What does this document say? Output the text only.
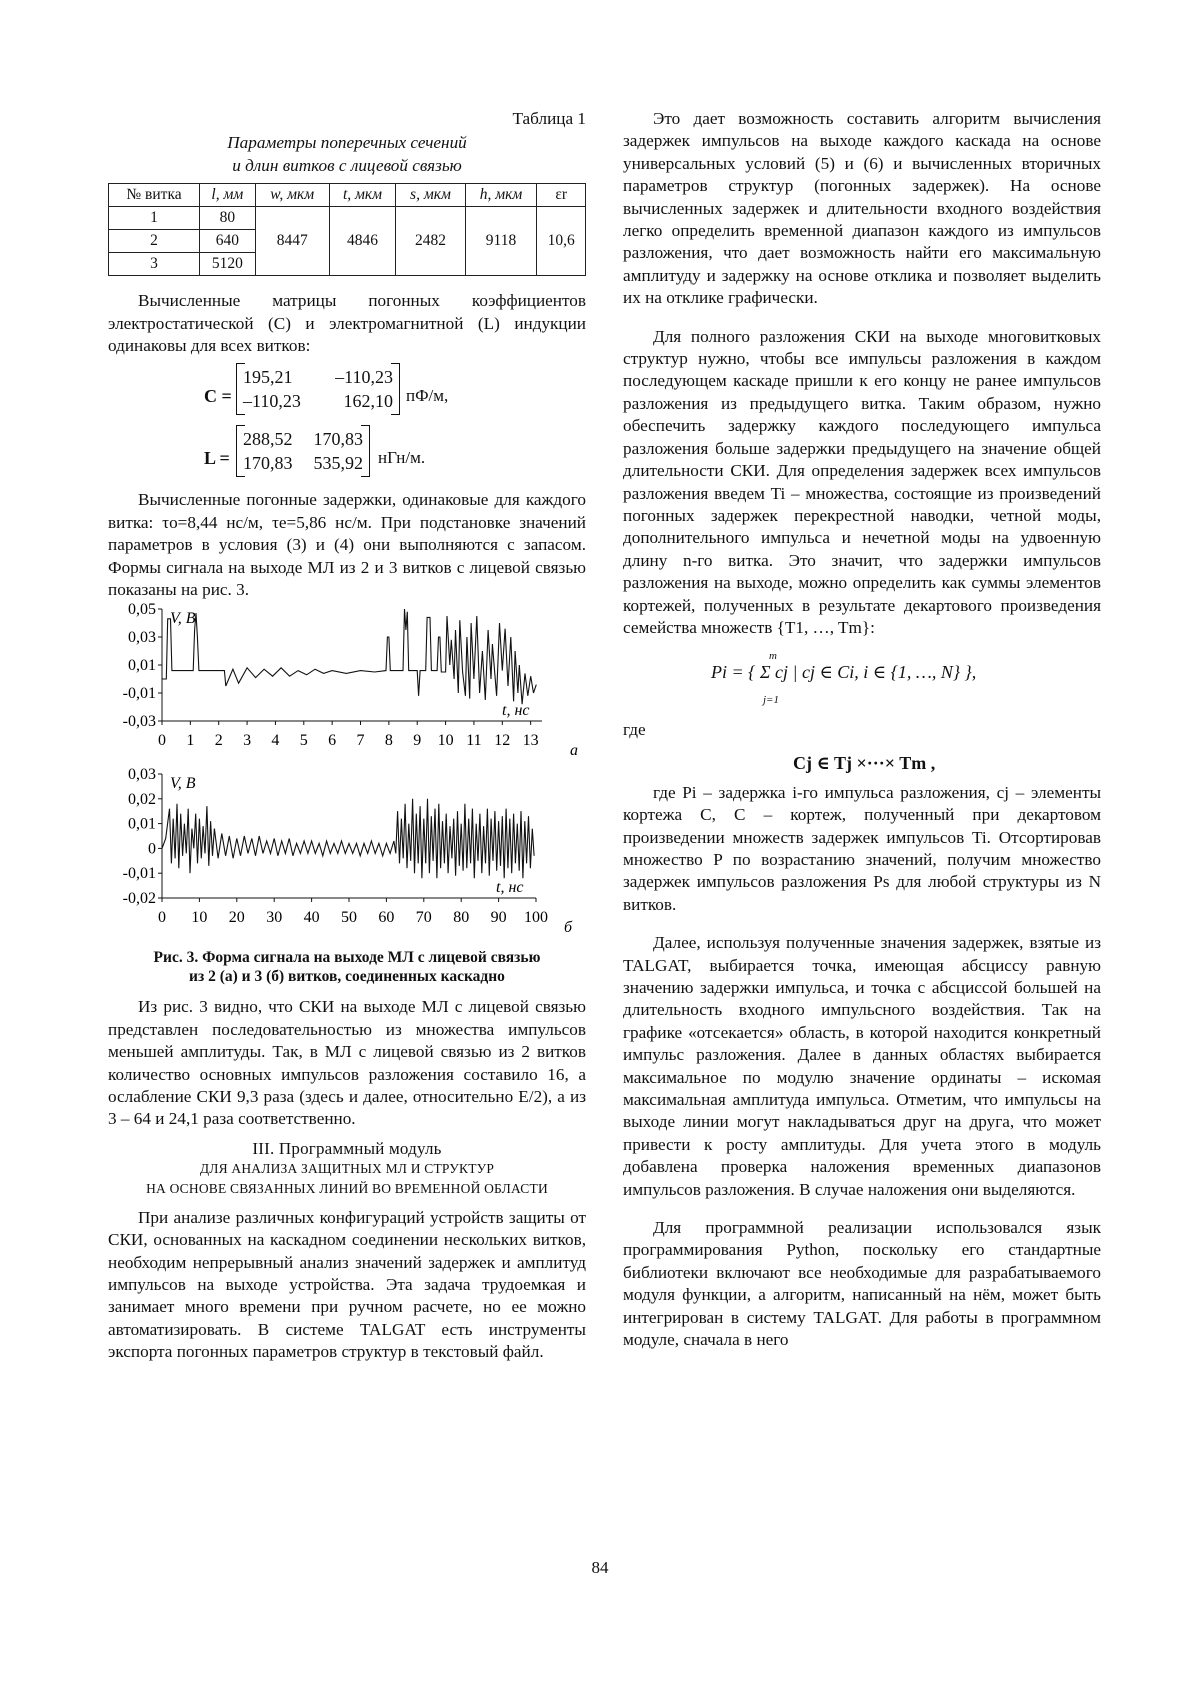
Таблица 1

Параметры поперечных сечений
и длин витков с лицевой связью
№ витка	l, мм	w, мкм	t, мкм	s, мкм	h, мкм	εr
1	80	8447	4846	2482	9118	10,6
2	640					
3	5120					

Вычисленные матрицы погонных коэффициентов электростатической (C) и электромагнитной (L) индукции одинаковы для всех витков:

C =
195,21 –110,23
–110,23 162,10 пФ/м,
L =
288,52 170,83
170,83 535,92 нГн/м.

Вычисленные погонные задержки, одинаковые для каждого витка: τо=8,44 нс/м, τе=5,86 нс/м. При подстановке значений параметров в условия (3) и (4) они выполняются с запасом. Формы сигнала на выходе МЛ из 2 и 3 витков с лицевой связью показаны на рис. 3.

0,05
0,03
0,01
-0,01
-0,03
0 1 2 3 4 5 6 7 8 9 10 11 12 13
V, В
t, нс
а

0,03
0,02
0,01
0
-0,01
-0,02
0 10 20 30 40 50 60 70 80 90 100
V, В
t, нс
б
Рис. 3. Форма сигнала на выходе МЛ с лицевой связью
из 2 (а) и 3 (б) витков, соединенных каскадно

Из рис. 3 видно, что СКИ на выходе МЛ с лицевой связью представлен последовательностью из множества импульсов меньшей амплитуды. Так, в МЛ с лицевой связью из 2 витков количество основных импульсов разложения составило 16, а ослабление СКИ 9,3 раза (здесь и далее, относительно E/2), а из 3 – 64 и 24,1 раза соответственно.

III. Программный модуль
ДЛЯ АНАЛИЗА ЗАЩИТНЫХ МЛ И СТРУКТУР
НА ОСНОВЕ СВЯЗАННЫХ ЛИНИЙ ВО ВРЕМЕННОЙ ОБЛАСТИ

При анализе различных конфигураций устройств защиты от СКИ, основанных на каскадном соединении нескольких витков, необходим непрерывный анализ значений задержек и амплитуд импульсов на выходе устройства. Эта задача трудоемкая и занимает много времени при ручном расчете, но ее можно автоматизировать. В системе TALGAT есть инструменты экспорта погонных параметров структур в текстовый файл.

Это дает возможность составить алгоритм вычисления задержек импульсов на выходе каждого каскада на основе универсальных условий (5) и (6) и вычисленных вторичных параметров структур (погонных задержек). На основе вычисленных задержек и длительности входного воздействия легко определить временной диапазон каждого из импульсов разложения, что дает возможность найти его максимальную амплитуду и задержку на основе отклика и позволяет выделить их на отклике графически.

Для полного разложения СКИ на выходе многовитковых структур нужно, чтобы все импульсы разложения в каждом последующем каскаде пришли к его концу не ранее импульсов разложения из предыдущего витка. Таким образом, нужно обеспечить задержку каждого последующего импульса разложения больше задержки предыдущего на значение общей длительности СКИ. Для определения задержек всех импульсов разложения введем Ti – множества, состоящие из произведений погонных задержек перекрестной наводки, четной моды, дополнительного импульса и нечетной моды на удвоенную длину n-го витка. Это значит, что задержки импульсов разложения на выходе, можно определить как суммы элементов кортежей, полученных в результате декартового произведения семейства множеств {T1, …, Tm}:

Pi = { Σ cj | cj ∈ Ci, i ∈ {1, …, N} },
m
j=1

где

Cj ∈ Tj ×···× Tm ,

где Pi – задержка i-го импульса разложения, cj – элементы кортежа C, C – кортеж, полученный при декартовом произведении множеств задержек импульсов Ti. Отсортировав множество P по возрастанию значений, получим множество задержек импульсов разложения Ps для любой структуры из N витков.

Далее, используя полученные значения задержек, взятые из TALGAT, выбирается точка, имеющая абсциссу равную значению задержки импульса, и точка с абсциссой большей на длительность входного импульсного воздействия. Так на графике «отсекается» область, в которой находится конкретный импульс разложения. Далее в данных областях выбирается максимальное по модулю значение ординаты – искомая максимальная амплитуда импульса. Отметим, что импульсы на выходе линии могут накладываться друг на друга, что может привести к росту амплитуды. Для учета этого в модуль добавлена проверка наложения временных диапазонов импульсов разложения. В случае наложения они выделяются.

Для программной реализации использовался язык программирования Python, поскольку его стандартные библиотеки включают все необходимые для разрабатываемого модуля функции, а алгоритм, написанный на нём, может быть интегрирован в систему TALGAT. Для работы в программном модуле, сначала в него

84
